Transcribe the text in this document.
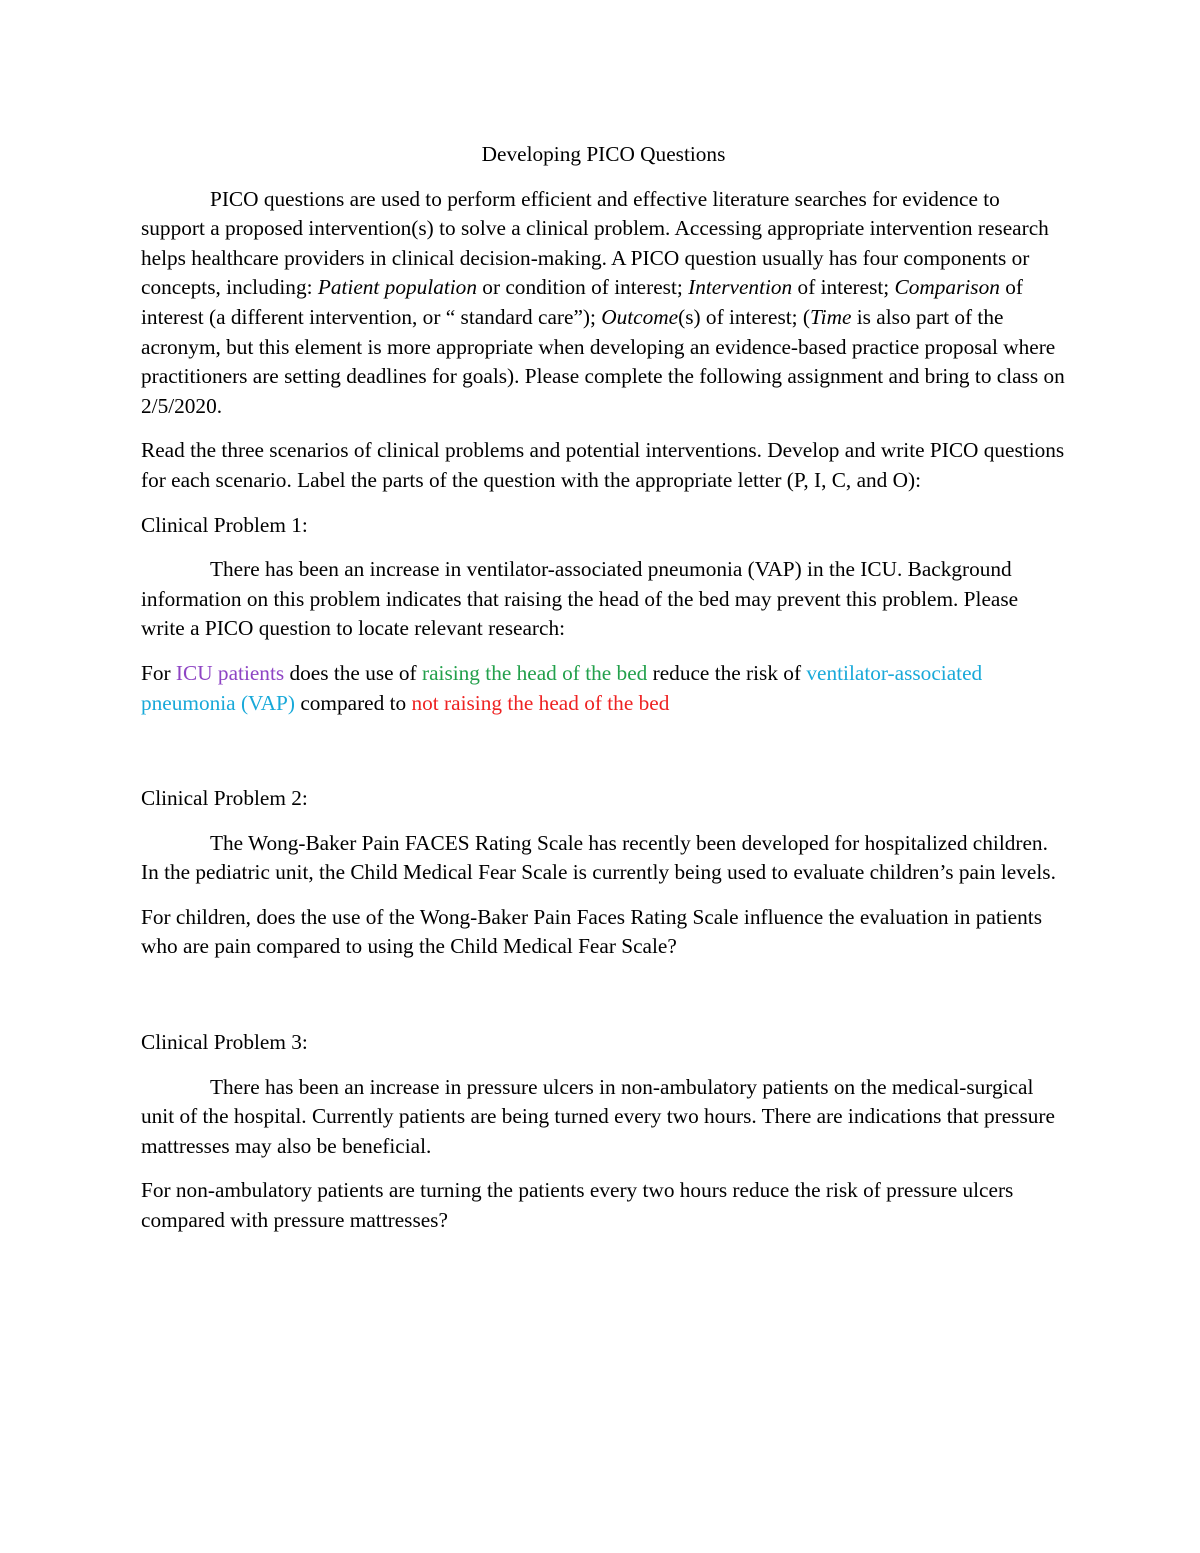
Developing PICO Questions

PICO questions are used to perform efficient and effective literature searches for evidence to support a proposed intervention(s) to solve a clinical problem. Accessing appropriate intervention research helps healthcare providers in clinical decision-making. A PICO question usually has four components or concepts, including: Patient population or condition of interest; Intervention of interest; Comparison of interest (a different intervention, or “ standard care”); Outcome(s) of interest; (Time is also part of the acronym, but this element is more appropriate when developing an evidence-based practice proposal where practitioners are setting deadlines for goals). Please complete the following assignment and bring to class on 2/5/2020.

Read the three scenarios of clinical problems and potential interventions. Develop and write PICO questions for each scenario. Label the parts of the question with the appropriate letter (P, I, C, and O):

Clinical Problem 1:

There has been an increase in ventilator-associated pneumonia (VAP) in the ICU. Background information on this problem indicates that raising the head of the bed may prevent this problem. Please write a PICO question to locate relevant research:

For ICU patients does the use of raising the head of the bed reduce the risk of ventilator-associated pneumonia (VAP) compared to not raising the head of the bed

Clinical Problem 2:

The Wong-Baker Pain FACES Rating Scale has recently been developed for hospitalized children. In the pediatric unit, the Child Medical Fear Scale is currently being used to evaluate children’s pain levels.

For children, does the use of the Wong-Baker Pain Faces Rating Scale influence the evaluation in patients who are pain compared to using the Child Medical Fear Scale?

Clinical Problem 3:

There has been an increase in pressure ulcers in non-ambulatory patients on the medical-surgical unit of the hospital. Currently patients are being turned every two hours. There are indications that pressure mattresses may also be beneficial.

For non-ambulatory patients are turning the patients every two hours reduce the risk of pressure ulcers compared with pressure mattresses?
